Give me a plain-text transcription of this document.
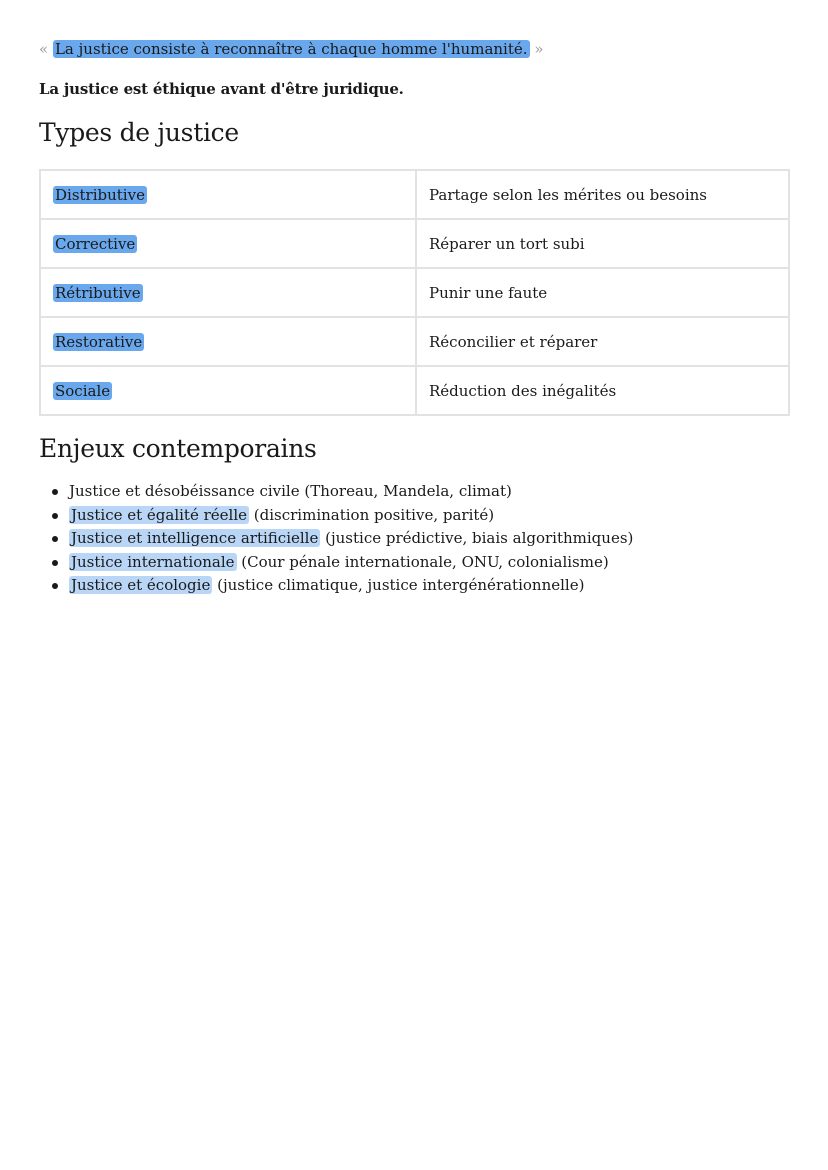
« La justice consiste à reconnaître à chaque homme l'humanité. »

La justice est éthique avant d'être juridique.

Types de justice
Distributive	Partage selon les mérites ou besoins
Corrective	Réparer un tort subi
Rétributive	Punir une faute
Restorative	Réconcilier et réparer
Sociale	Réduction des inégalités
Enjeux contemporains
Justice et désobéissance civile (Thoreau, Mandela, climat)
Justice et égalité réelle (discrimination positive, parité)
Justice et intelligence artificielle (justice prédictive, biais algorithmiques)
Justice internationale (Cour pénale internationale, ONU, colonialisme)
Justice et écologie (justice climatique, justice intergénérationnelle)
